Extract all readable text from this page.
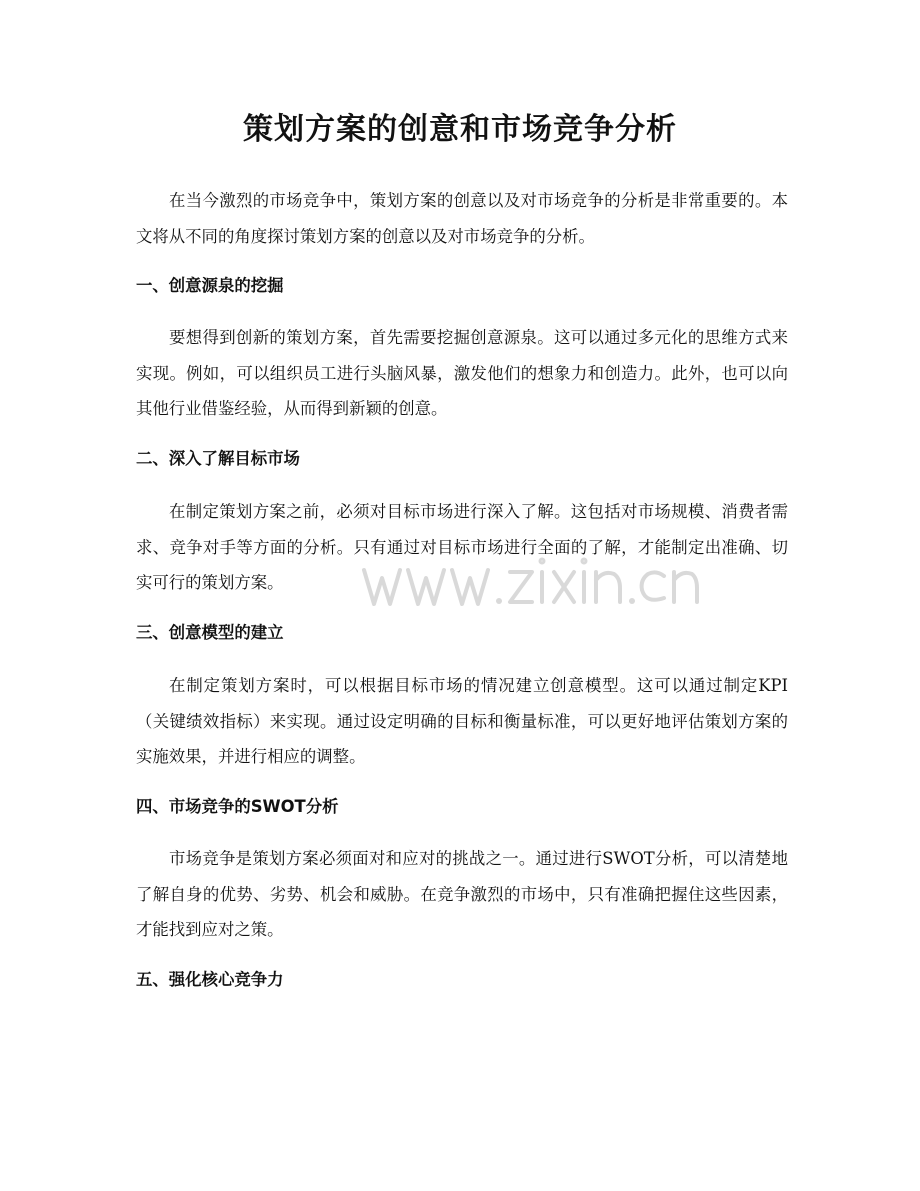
策划方案的创意和市场竞争分析

在当今激烈的市场竞争中，策划方案的创意以及对市场竞争的分析是非常重要的。本文将从不同的角度探讨策划方案的创意以及对市场竞争的分析。

一、创意源泉的挖掘

要想得到创新的策划方案，首先需要挖掘创意源泉。这可以通过多元化的思维方式来实现。例如，可以组织员工进行头脑风暴，激发他们的想象力和创造力。此外，也可以向其他行业借鉴经验，从而得到新颖的创意。

二、深入了解目标市场

在制定策划方案之前，必须对目标市场进行深入了解。这包括对市场规模、消费者需求、竞争对手等方面的分析。只有通过对目标市场进行全面的了解，才能制定出准确、切实可行的策划方案。

三、创意模型的建立

在制定策划方案时，可以根据目标市场的情况建立创意模型。这可以通过制定KPI（关键绩效指标）来实现。通过设定明确的目标和衡量标准，可以更好地评估策划方案的实施效果，并进行相应的调整。

四、市场竞争的SWOT分析

市场竞争是策划方案必须面对和应对的挑战之一。通过进行SWOT分析，可以清楚地了解自身的优势、劣势、机会和威胁。在竞争激烈的市场中，只有准确把握住这些因素，才能找到应对之策。

五、强化核心竞争力
